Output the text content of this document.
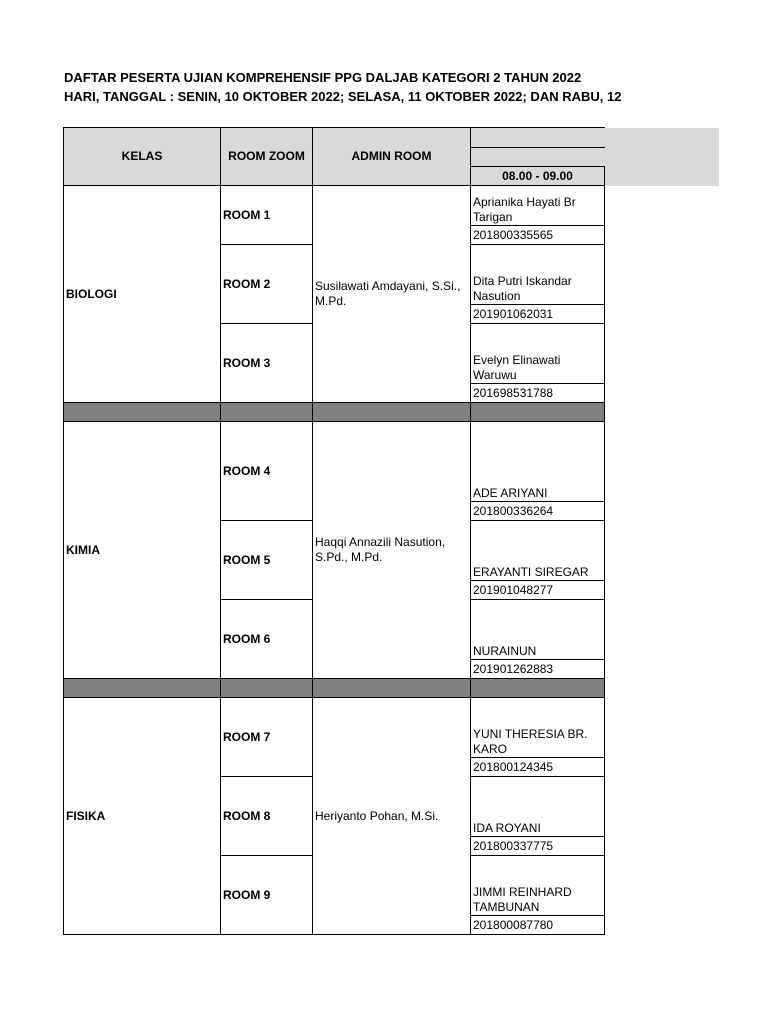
DAFTAR PESERTA UJIAN KOMPREHENSIF PPG DALJAB KATEGORI 2 TAHUN 2022
HARI, TANGGAL : SENIN, 10 OKTOBER 2022; SELASA, 11 OKTOBER 2022; DAN RABU, 12
KELAS	ROOM ZOOM	ADMIN ROOM	

			08.00 - 09.00
BIOLOGI	ROOM 1	Susilawati Amdayani, S.Si., M.Pd.	Aprianika Hayati Br Tarigan
			201800335565
	ROOM 2		Dita Putri Iskandar Nasution
			201901062031
	ROOM 3		Evelyn Elinawati Waruwu
			201698531788

KIMIA	ROOM 4	Haqqi Annazili Nasution, S.Pd., M.Pd.	ADE ARIYANI
			201800336264
	ROOM 5		ERAYANTI SIREGAR
			201901048277
	ROOM 6		NURAINUN
			201901262883

FISIKA	ROOM 7	Heriyanto Pohan, M.Si.	YUNI THERESIA BR. KARO
			201800124345
	ROOM 8		IDA ROYANI
			201800337775
	ROOM 9		JIMMI REINHARD TAMBUNAN
			201800087780
